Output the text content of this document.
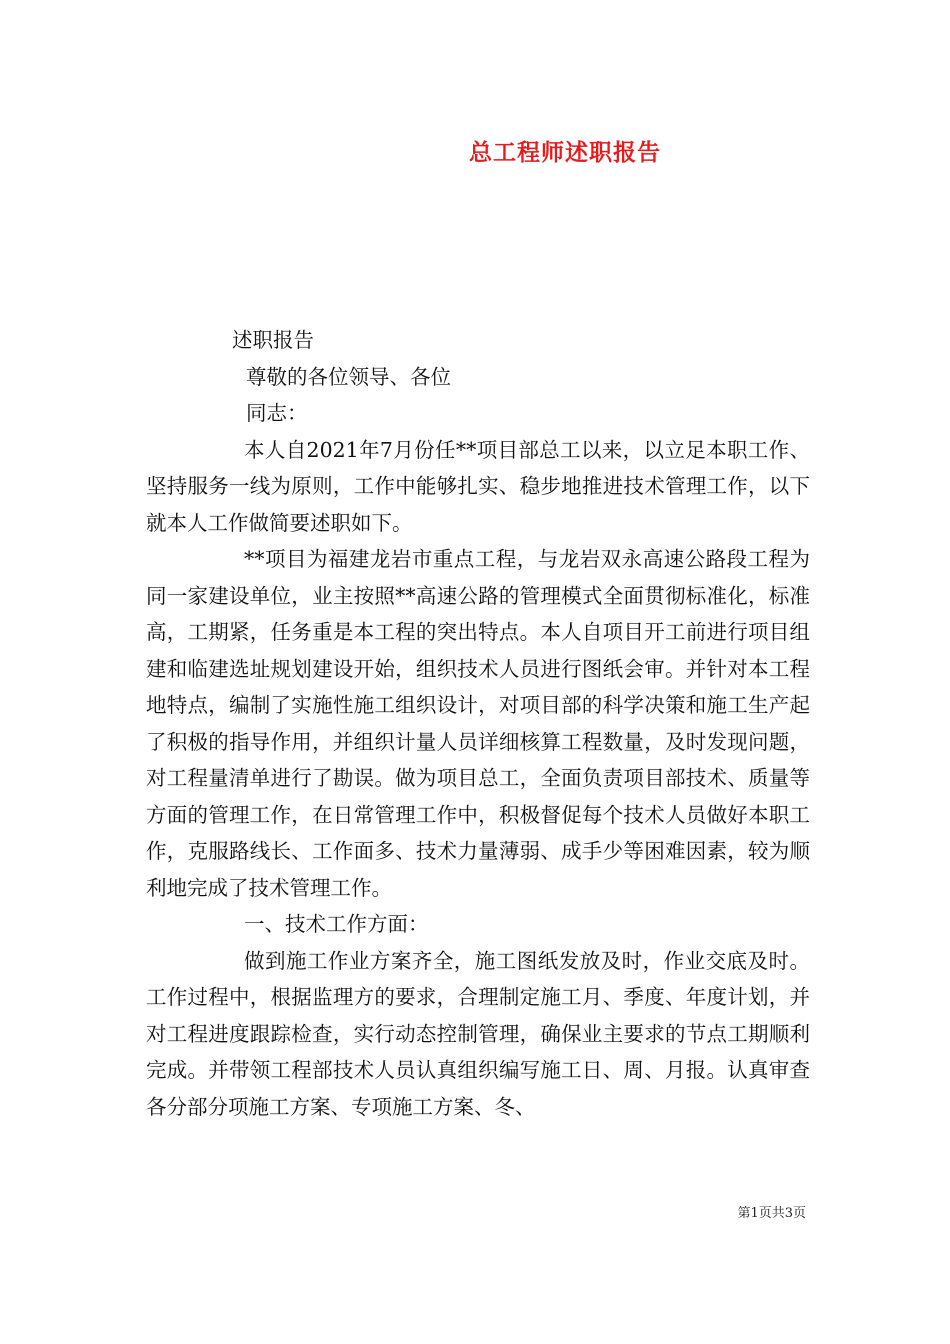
总工程师述职报告

述职报告

尊敬的各位领导、各位

同志：

本人自2021年7月份任**项目部总工以来，以立足本职工作、坚持服务一线为原则，工作中能够扎实、稳步地推进技术管理工作，以下就本人工作做简要述职如下。

**项目为福建龙岩市重点工程，与龙岩双永高速公路段工程为同一家建设单位，业主按照**高速公路的管理模式全面贯彻标准化，标准高，工期紧，任务重是本工程的突出特点。本人自项目开工前进行项目组建和临建选址规划建设开始，组织技术人员进行图纸会审。并针对本工程地特点，编制了实施性施工组织设计，对项目部的科学决策和施工生产起了积极的指导作用，并组织计量人员详细核算工程数量，及时发现问题，对工程量清单进行了勘误。做为项目总工，全面负责项目部技术、质量等方面的管理工作，在日常管理工作中，积极督促每个技术人员做好本职工作，克服路线长、工作面多、技术力量薄弱、成手少等困难因素，较为顺利地完成了技术管理工作。

一、技术工作方面：

做到施工作业方案齐全，施工图纸发放及时，作业交底及时。工作过程中，根据监理方的要求，合理制定施工月、季度、年度计划，并对工程进度跟踪检查，实行动态控制管理，确保业主要求的节点工期顺利完成。并带领工程部技术人员认真组织编写施工日、周、月报。认真审查各分部分项施工方案、专项施工方案、冬、

第1页共3页
